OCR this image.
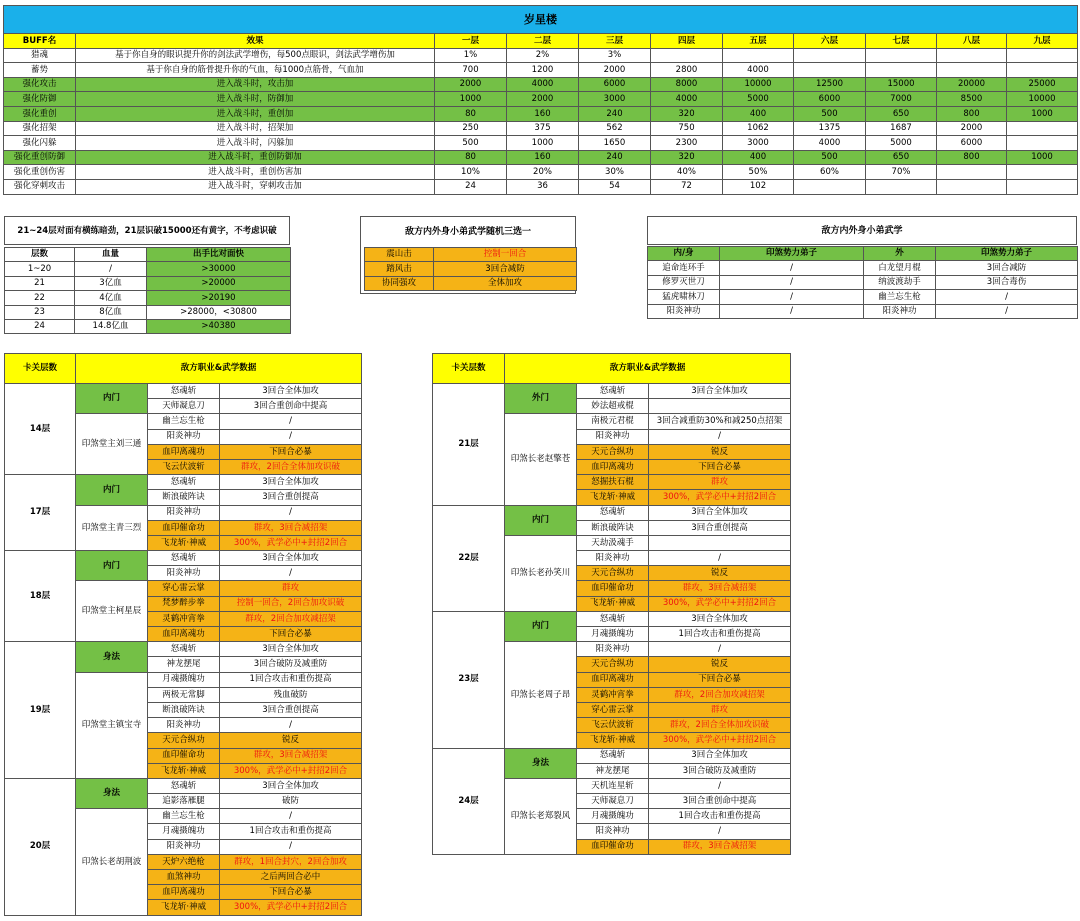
岁星楼										
BUFF名	效果	一层	二层	三层	四层	五层	六层	七层	八层	九层
猎魂	基于你自身的眼识提升你的剑法武学增伤，每500点眼识，剑法武学增伤加	1%	2%	3%						
蓄势	基于你自身的筋骨提升你的气血，每1000点筋骨，气血加	700	1200	2000	2800	4000				
强化攻击	进入战斗时，攻击加	2000	4000	6000	8000	10000	12500	15000	20000	25000
强化防御	进入战斗时，防御加	1000	2000	3000	4000	5000	6000	7000	8500	10000
强化重创	进入战斗时，重创加	80	160	240	320	400	500	650	800	1000
强化招架	进入战斗时，招架加	250	375	562	750	1062	1375	1687	2000	
强化闪躲	进入战斗时，闪躲加	500	1000	1650	2300	3000	4000	5000	6000	
强化重创防御	进入战斗时，重创防御加	80	160	240	320	400	500	650	800	1000
强化重创伤害	进入战斗时，重创伤害加	10%	20%	30%	40%	50%	60%	70%		
强化穿刺攻击	进入战斗时，穿刺攻击加	24	36	54	72	102				
21~24层对面有横练暗劲，21层识破15000还有黄字，不考虑识破
层数	血量	出手比对面快
1~20	/	>30000
21	3亿血	>20000
22	4亿血	>20190
23	8亿血	>28000，<30800
24	14.8亿血	>40380
敌方内外身小弟武学随机三选一
震山击	控制一回合
踏风击	3回合减防
协同强攻	全体加攻
敌方内外身小弟武学
内/身	印煞势力弟子	外	印煞势力弟子
追命连环手	/	白龙望月棍	3回合减防
修罗灭世刀	/	纳波渡劫手	3回合毒伤
猛虎啸林刀	/	幽兰忘生枪	/
阳炎神功	/	阳炎神功	/
卡关层数	敌方职业&武学数据		
14层	内门	怒魂斩	3回合全体加攻
		天师凝息刀	3回合重创命中提高
	印煞堂主刘三通	幽兰忘生枪	/
		阳炎神功	/
		血印离魂功	下回合必暴
		飞云伏波斩	群攻，2回合全体加攻识破
17层	内门	怒魂斩	3回合全体加攻
		断浪破阵诀	3回合重创提高
	印煞堂主青三烈	阳炎神功	/
		血印催命功	群攻，3回合减招架
		飞龙斩·神威	300%，武学必中+封招2回合
18层	内门	怒魂斩	3回合全体加攻
		阳炎神功	/
	印煞堂主柯星辰	穿心雷云掌	群攻
		梵梦醉步拳	控制一回合，2回合加攻识破
		灵鹤冲宵拳	群攻，2回合加攻减招架
		血印离魂功	下回合必暴
19层	身法	怒魂斩	3回合全体加攻
		神龙摆尾	3回合破防及减重防
	印煞堂主镇宝寺	月魂摄魄功	1回合攻击和重伤提高
		两极无常脚	残血破防
		断浪破阵诀	3回合重创提高
		阳炎神功	/
		天元合纵功	锐反
		血印催命功	群攻，3回合减招架
		飞龙斩·神威	300%，武学必中+封招2回合
20层	身法	怒魂斩	3回合全体加攻
		追影落雁腿	破防
	印煞长老胡荆波	幽兰忘生枪	/
		月魂摄魄功	1回合攻击和重伤提高
		阳炎神功	/
		天炉六绝枪	群攻，1回合封穴，2回合加攻
		血煞神功	之后两回合必中
		血印离魂功	下回合必暴
		飞龙斩·神威	300%，武学必中+封招2回合
卡关层数	敌方职业&武学数据		
21层	外门	怒魂斩	3回合全体加攻
		妙法超戒棍	
	印煞长老赵擎苍	南极元君棍	3回合减重防30%和减250点招架
		阳炎神功	/
		天元合纵功	锐反
		血印离魂功	下回合必暴
		怒掘扶石棍	群攻
		飞龙斩·神威	300%，武学必中+封招2回合
22层	内门	怒魂斩	3回合全体加攻
		断浪破阵诀	3回合重创提高
	印煞长老孙笑川	天劫汲魂手	
		阳炎神功	/
		天元合纵功	锐反
		血印催命功	群攻，3回合减招架
		飞龙斩·神威	300%，武学必中+封招2回合
23层	内门	怒魂斩	3回合全体加攻
		月魂摄魄功	1回合攻击和重伤提高
	印煞长老周子昂	阳炎神功	/
		天元合纵功	锐反
		血印离魂功	下回合必暴
		灵鹤冲宵拳	群攻，2回合加攻减招架
		穿心雷云掌	群攻
		飞云伏波斩	群攻，2回合全体加攻识破
		飞龙斩·神威	300%，武学必中+封招2回合
24层	身法	怒魂斩	3回合全体加攻
		神龙摆尾	3回合破防及减重防
	印煞长老郑裂风	天机连星斩	/
		天师凝息刀	3回合重创命中提高
		月魂摄魄功	1回合攻击和重伤提高
		阳炎神功	/
		血印催命功	群攻，3回合减招架
